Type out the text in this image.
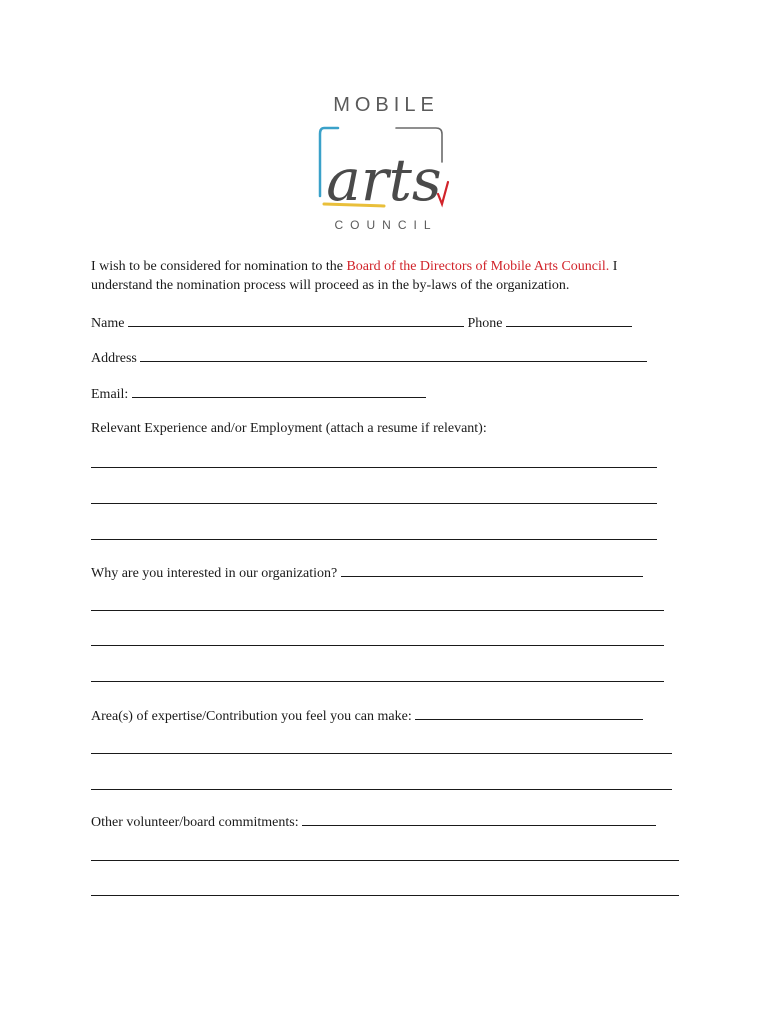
MOBILE
arts
COUNCIL
I wish to be considered for nomination to the Board of the Directors of Mobile Arts Council. I
understand the nomination process will proceed as in the by-laws of the organization.
Name	Phone
Address
Email:
Relevant Experience and/or Employment (attach a resume if relevant):
Why are you interested in our organization?
Area(s) of expertise/Contribution you feel you can make:
Other volunteer/board commitments:
